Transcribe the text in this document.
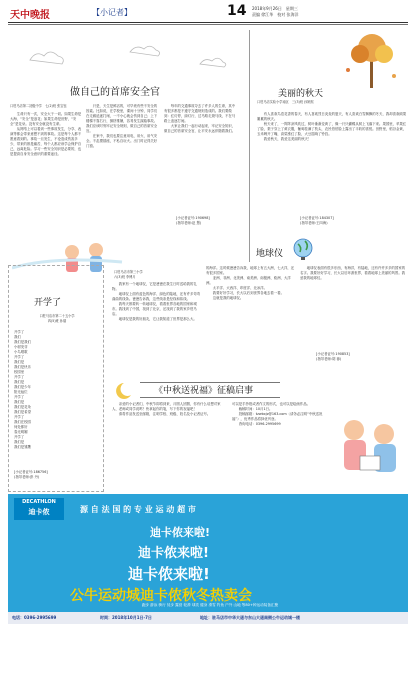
天中晚报	【小记者】	14 2018年9月26日　星期三
责编 徐江华　校对 张海洋
做自己的首席安全官
口驻马店第二初级中学　七(2)班 张宝钰
　　生命只有一次，安全大于一切。如果生命是大海，“安全”是浪花；如果生命是田野，“安全”是花朵。没有安全就没有生命。
　　从网络上可以看到一些事故发生，分享、表演等都会带来意想不到的事故。这是每个人都不愿意看到的。事故一旦发生，不论造成伤害多少，带来的都是痛苦，每个人都应该学会保护自己，远离危险。学习一些安全知识是必要的，也是提高自身安全意识的重要途径。
　　只是，天生是鲜活的，可毕竟有些不安全的因素。比如说，在学校里，课间十分钟，同学们在走廊追逐打闹，一不小心就会伤到自己；上下楼梯不靠右行，拥挤推搡，容易发生踩踏事故。我们应该时刻牢记安全规则，做自己的首席安全官。
　　在家中，我们也要注意用电、用火、用气安全。不乱摸插座，不私自玩火。出门时记得关好门窗。
　　每年的交通事故夺去了许多人的生命，其中有很多都是不遵守交通规则造成的。我们要做到：红灯停，绿灯行，过马路走斑马线，不在马路上追逐打闹。
　　大家让我们一起行动起来，牢记安全知识，做自己的首席安全官，让平安永远伴随着我们。
[小记者证号:190698]
(指导老师:赵 慧)
美丽的秋天
口驻马店实验小学南区　三(3)班 孙妍熙
　　有人喜欢鸟语花香的春天，有人喜欢烈日炎炎的夏天，有人喜欢白雪飘飘的冬天，我却喜欢硕果累累的秋天。
　　秋天来了，一阵阵凉风吹过，树叶渐渐变黄了，像一只只蝴蝶从树上飞落下来。果园里，苹果红了脸，梨子穿上了黄衣服，葡萄挂满了枝头，农民伯伯脸上露出了丰收的喜悦。田野里，稻谷金黄，玉米咧开了嘴，高粱涨红了脸，大豆摇响了铃铛。
　　我爱秋天，我爱这美丽的秋天！
[小记者证号:184307]
(指导老师:王四海)
地球仪
开学了
口驻马店市第二十五小学
四(5)班 孙瑞
开学了
我们
我们是我们
小树发芽
小鸟唱歌
开学了
我们是
我们是快乐
校园里
开学了
我们是
我们是少年
阳光灿烂
开学了
我们是
我们是花朵
我们是希望
开学了
我们在校园
何处都好
春光明媚
开学了
我们是
我们是雏鹰
[小记者证号:186756]
(指导老师:彭 丹)
口驻马店市第三小学
六(3)班 李博月
　　我家有一个地球仪，它是爸爸在我生日时送给我的礼物。
　　地球仪上面有蓝色的海洋、绿色的陆地，还有许多弯弯曲曲的线条。爸爸告诉我，这些线条是经线和纬线。
　　我每天都要转一转地球仪，看看世界各地的国家和城市。我找到了中国，找到了北京，还找到了我的家乡驻马店。
　　地球仪是我的好朋友，它让我知道了世界是那么大。
的海洋。这时候爸爸告诉我，地球上有五大洲，七大洋，还有很多国家。
　　亚洲、非洲、北美洲、南美洲、南极洲、欧洲、大洋洲。
　　太平洋、大西洋、印度洋、北冰洋。
　　我要好好学习，长大以后到世界各地去看一看。
　　这就是我的地球仪。
　　地球仪表面有很多东西，有海洋，有陆地，还有许许多多的国家的名字。我要好好学习，长大以后环游世界，看看地球上美丽的风景。我爱我的地球仪。
[小记者证号:190853]
(指导老师:胡 蓉)
《中秋送祝福》征稿启事
　　亲爱的小记者们，中秋节即将到来，月圆人团圆，你有什么话想对家人、老师或同学说吗？快拿起你的笔，写下你的祝福吧！
　　请将作品发送至邮箱，注明学校、班级、姓名及小记者证号。
可以是手抄报或者作文的形式，也可以是绘画作品。
　　截稿时间：10月1日。
　　投稿邮箱：tzwbxjz@163.com（请务必注明“中秋送祝福”），优秀作品将择优刊登。
　　咨询电话：0396-2995699
DECATHLON
迪卡侬	源 自 法 国 的 专 业 运 动 超 市
迪卡侬来啦!
迪卡侬来啦!
迪卡侬来啦!
公牛运动城迪卡侬秋冬热卖会
跑步 游泳 骑行 徒步 露营 轮滑 球类 健身 滑雪 钓鱼 户外 山地 等80+种运动装备汇聚
电话：0396-2995699	时间：2018年10月1日-7日	地址：驻马店市中华大道与东山大道南侧公牛运动城一楼
